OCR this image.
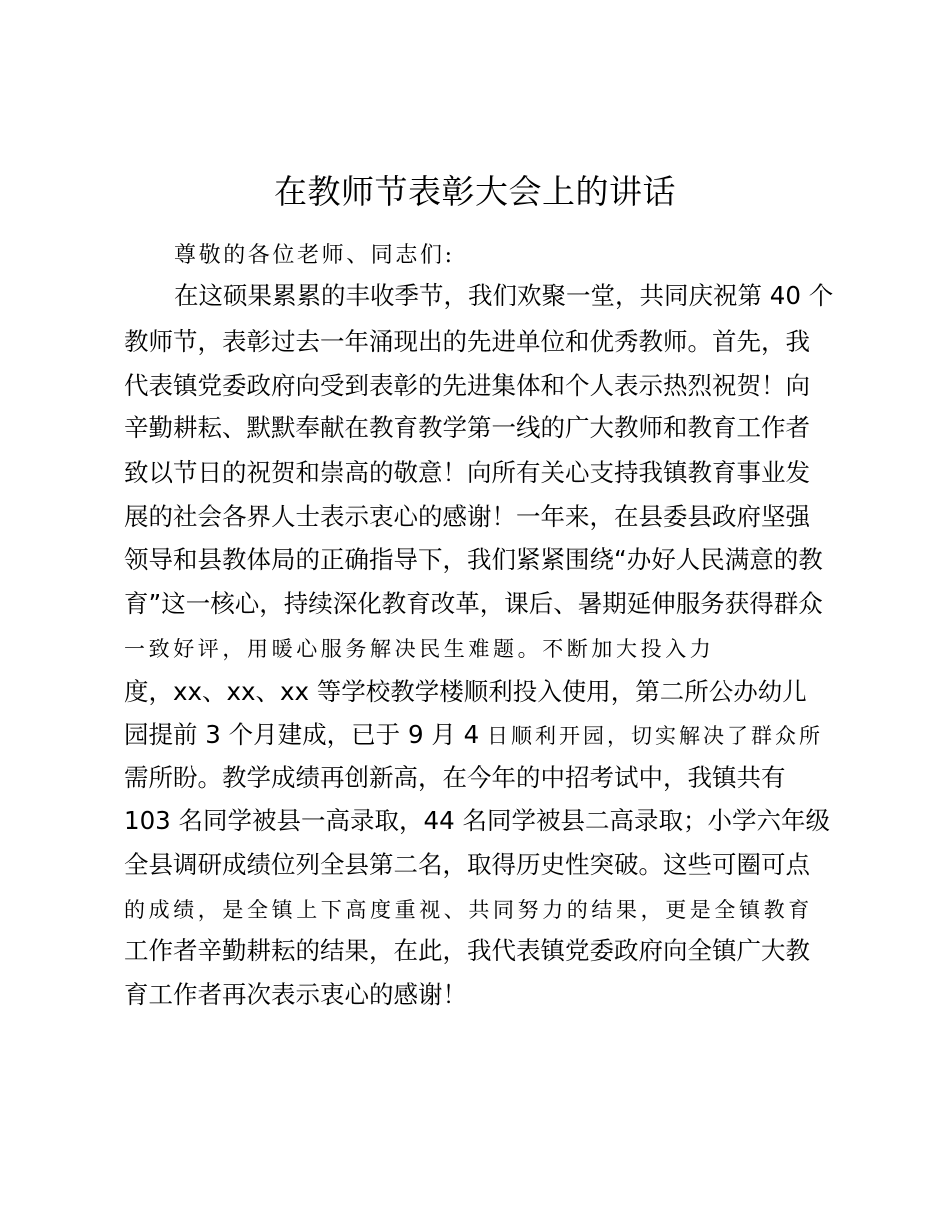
在教师节表彰大会上的讲话
尊敬的各位老师、同志们:
在这硕果累累的丰收季节，我们欢聚一堂，共同庆祝第 40 个
教师节，表彰过去一年涌现出的先进单位和优秀教师。首先，我
代表镇党委政府向受到表彰的先进集体和个人表示热烈祝贺！向
辛勤耕耘、默默奉献在教育教学第一线的广大教师和教育工作者
致以节日的祝贺和崇高的敬意！向所有关心支持我镇教育事业发
展的社会各界人士表示衷心的感谢！一年来，在县委县政府坚强
领导和县教体局的正确指导下，我们紧紧围绕“办好人民满意的教
育”这一核心，持续深化教育改革，课后、暑期延伸服务获得群众
一致好评，用暖心服务解决民生难题。不断加大投入力
度，xx、xx、xx 等学校教学楼顺利投入使用，第二所公办幼儿
园提前 3 个月建成，已于 9 月 4 日顺利开园，切实解决了群众所
需所盼。教学成绩再创新高，在今年的中招考试中，我镇共有
103 名同学被县一高录取，44 名同学被县二高录取；小学六年级
全县调研成绩位列全县第二名，取得历史性突破。这些可圈可点
的成绩，是全镇上下高度重视、共同努力的结果，更是全镇教育
工作者辛勤耕耘的结果，在此，我代表镇党委政府向全镇广大教
育工作者再次表示衷心的感谢！
